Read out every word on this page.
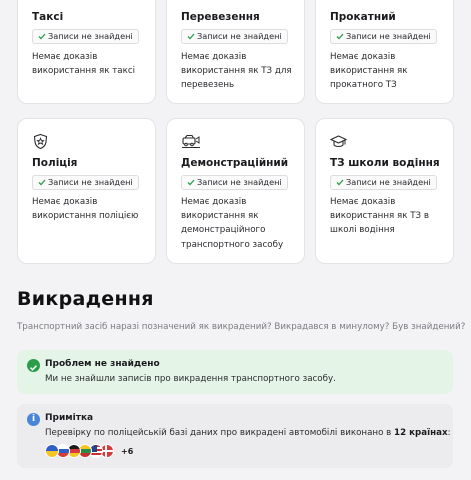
Таксі
Записи не знайдені
Немає доказів використання як таксі
Перевезення
Записи не знайдені
Немає доказів використання як ТЗ для перевезень
Прокатний
Записи не знайдені
Немає доказів використання як прокатного ТЗ
Поліція
Записи не знайдені
Немає доказів використання поліцією
Демонстраційний
Записи не знайдені
Немає доказів використання як демонстраційного транспортного засобу
ТЗ школи водіння
Записи не знайдені
Немає доказів використання як ТЗ в школі водіння
Викрадення
Транспортний засіб наразі позначений як викрадений? Викрадався в минулому? Був знайдений?
Проблем не знайдено
Ми не знайшли записів про викрадення транспортного засобу.
i	Примітка
Перевірку по поліцейській базі даних про викрадені автомобілі виконано в 12 країнах:
+6
